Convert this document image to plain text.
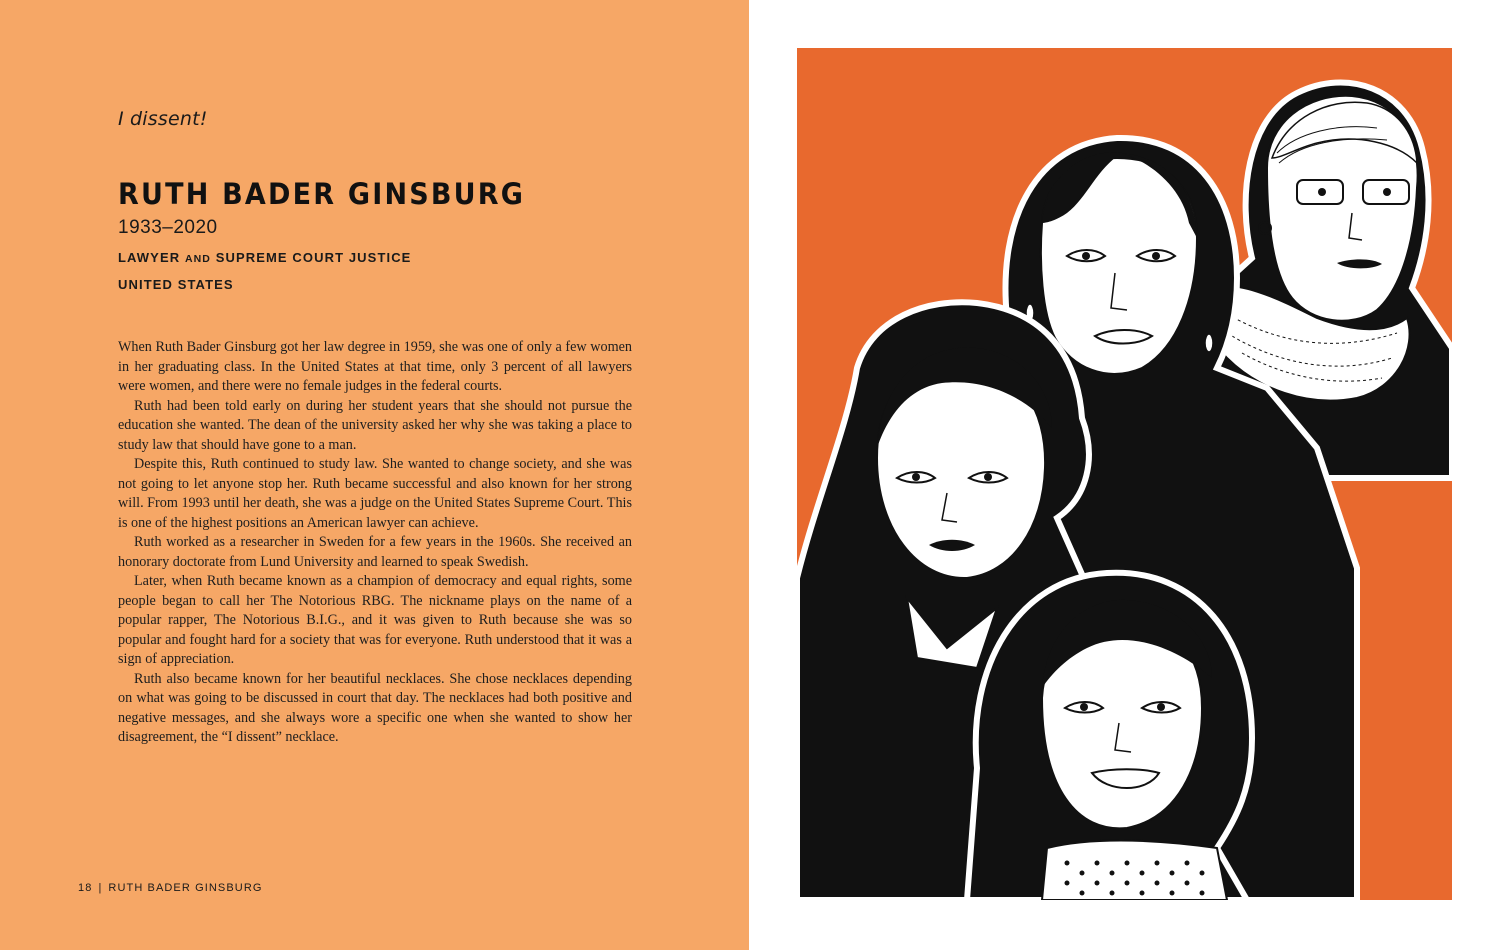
I dissent!
RUTH BADER GINSBURG
1933–2020
LAWYER AND SUPREME COURT JUSTICE
UNITED STATES

When Ruth Bader Ginsburg got her law degree in 1959, she was one of only a few women in her graduating class. In the United States at that time, only 3 percent of all lawyers were women, and there were no female judges in the federal courts.

Ruth had been told early on during her student years that she should not pursue the education she wanted. The dean of the university asked her why she was taking a place to study law that should have gone to a man.

Despite this, Ruth continued to study law. She wanted to change society, and she was not going to let anyone stop her. Ruth became successful and also known for her strong will. From 1993 until her death, she was a judge on the United States Supreme Court. This is one of the highest positions an American lawyer can achieve.

Ruth worked as a researcher in Sweden for a few years in the 1960s. She received an honorary doctorate from Lund University and learned to speak Swedish.

Later, when Ruth became known as a champion of democracy and equal rights, some people began to call her The Notorious RBG. The nickname plays on the name of a popular rapper, The Notorious B.I.G., and it was given to Ruth because she was so popular and fought hard for a society that was for everyone. Ruth understood that it was a sign of appreciation.

Ruth also became known for her beautiful necklaces. She chose necklaces depending on what was going to be discussed in court that day. The necklaces had both positive and negative messages, and she always wore a specific one when she wanted to show her disagreement, the “I dissent” necklace.

18 | RUTH BADER GINSBURG
